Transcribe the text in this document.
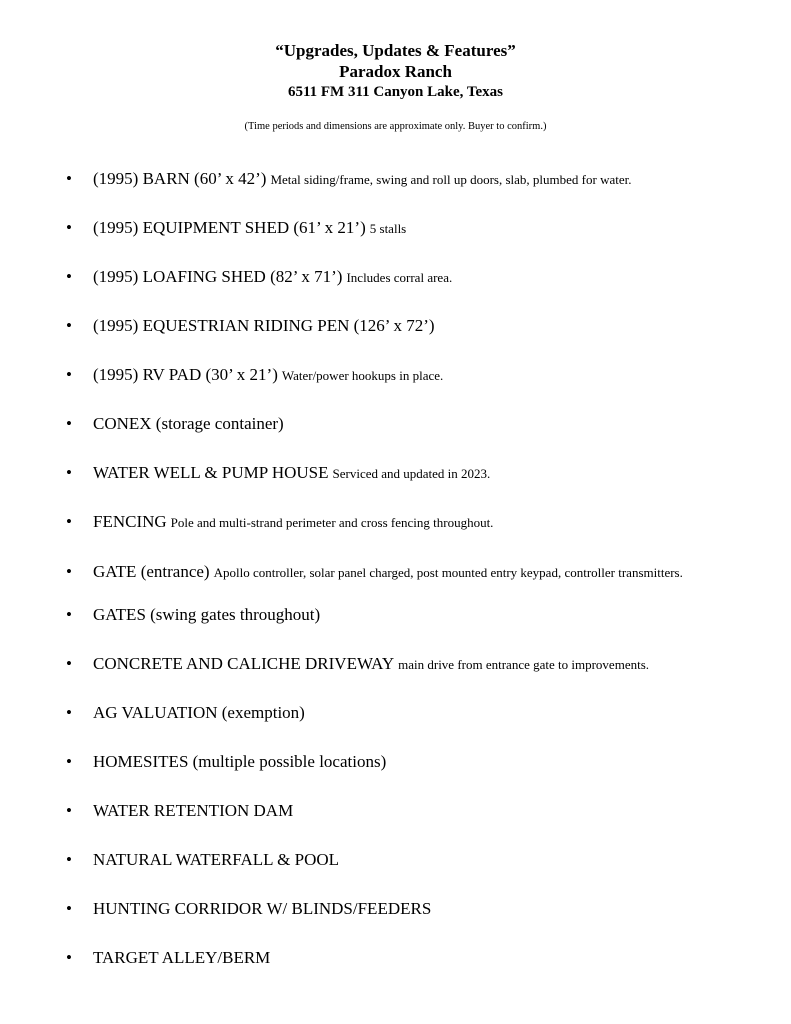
“Upgrades, Updates & Features”
Paradox Ranch
6511 FM 311 Canyon Lake, Texas
(Time periods and dimensions are approximate only. Buyer to confirm.)
• (1995) BARN (60’ x 42’) Metal siding/frame, swing and roll up doors, slab, plumbed for water.
• (1995) EQUIPMENT SHED (61’ x 21’) 5 stalls
• (1995) LOAFING SHED (82’ x 71’) Includes corral area.
• (1995) EQUESTRIAN RIDING PEN (126’ x 72’)
• (1995) RV PAD (30’ x 21’) Water/power hookups in place.
• CONEX (storage container)
• WATER WELL & PUMP HOUSE Serviced and updated in 2023.
• FENCING Pole and multi-strand perimeter and cross fencing throughout.
• GATE (entrance) Apollo controller, solar panel charged, post mounted entry keypad, controller transmitters.
• GATES (swing gates throughout)
• CONCRETE AND CALICHE DRIVEWAY main drive from entrance gate to improvements.
• AG VALUATION (exemption)
• HOMESITES (multiple possible locations)
• WATER RETENTION DAM
• NATURAL WATERFALL & POOL
• HUNTING CORRIDOR W/ BLINDS/FEEDERS
• TARGET ALLEY/BERM
